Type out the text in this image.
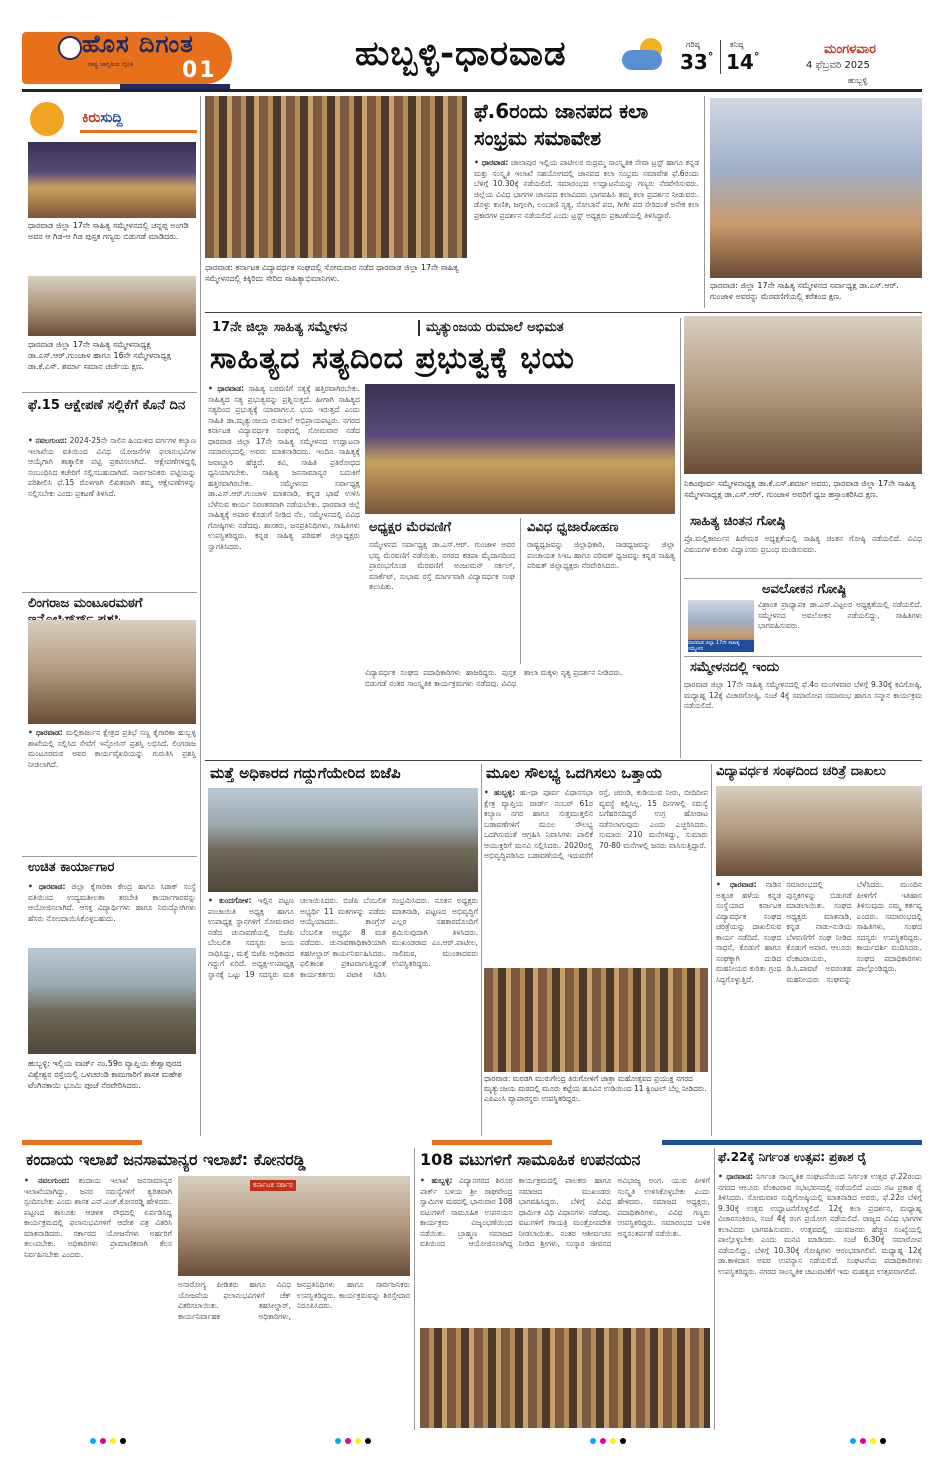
ಹೊಸ ದಿಗಂತ
ರಾಷ್ಟ್ರ ಜಾಗೃತಿಯ ದೈನಿಕ 01	ಹುಬ್ಬಳ್ಳಿ-ಧಾರವಾಡ	ಗರಿಷ್ಠ
33°
ಕನಿಷ್ಠ
14°	ಮಂಗಳವಾರ
4 ಫೆಬ್ರವರಿ 2025
ಹುಬ್ಬಳ್ಳಿ
ಕಿರುಸುದ್ದಿ
ಧಾರವಾಡ ಜಿಲ್ಲಾ 17ನೇ ಸಾಹಿತ್ಯ ಸಮ್ಮೇಳನದಲ್ಲಿ ಚನ್ನಪ್ಪ ಅಂಗಡಿ ಅವರ ಆ ಗಿಡ-ಆ ಗಿಡ ಪುಸ್ತಕ ಗಣ್ಯರು ಬಿಡುಗಡೆ ಮಾಡಿದರು.
ಧಾರವಾಡ ಜಿಲ್ಲಾ 17ನೇ ಸಾಹಿತ್ಯ ಸಮ್ಮೇಳನಾಧ್ಯಕ್ಷ ಡಾ.ಎಸ್.ಆರ್.ಗುಂಜಾಳ ಹಾಗೂ 16ನೇ ಸಮ್ಮೇಳನಾಧ್ಯಕ್ಷ ಡಾ.ಕೆ.ಎಸ್. ಶರ್ಮಾ ಸಮಾನ ಚರ್ಚೆಯ ಕ್ಷಣ.
ಫೆ.15 ಆಕ್ಷೇಪಣೆ ಸಲ್ಲಿಕೆಗೆ ಕೊನೆ ದಿನ
• ನವಲಗುಂದ: 2024-25ನೇ ಸಾಲಿನ ಹಿಂದುಳಿದ ವರ್ಗಗಳ ಕಲ್ಯಾಣ ಇಲಾಖೆಯ ವತಿಯಿಂದ ವಿವಿಧ ಯೋಜನೆಗಳ ಫಲಾನುಭವಿಗಳ ಆಯ್ಕೆಗಾಗಿ ತಾತ್ಕಾಲಿಕ ಪಟ್ಟಿ ಪ್ರಕಟಿಸಲಾಗಿದೆ. ಆಕ್ಷೇಪಣೆಗಳಿದ್ದಲ್ಲಿ ಸಂಬಂಧಿಸಿದ ಕಚೇರಿಗೆ ಸಲ್ಲಿಸಬಹುದಾಗಿದೆ. ಸಾರ್ವಜನಿಕರು ಪಟ್ಟಿಯನ್ನು ಪರಿಶೀಲಿಸಿ ಫೆ.15 ರೊಳಗಾಗಿ ಲಿಖಿತವಾಗಿ ತಮ್ಮ ಆಕ್ಷೇಪಣೆಗಳನ್ನು ಸಲ್ಲಿಸಬೇಕು ಎಂದು ಪ್ರಕಟಣೆ ತಿಳಿಸಿದೆ.
ಲಿಂಗರಾಜ ಮಂಟೂರಮಠಗೆ
• ಧಾರವಾಡ: ಮಲ್ಲಿಕಾರ್ಜುನ ಕ್ಷೇತ್ರದ ಪ್ರತಿಭೆ ಸಣ್ಣ ಕೈಗಾರಿಕಾ ಹುಬ್ಬಳ್ಳಿ ಶಾಖೆಯಲ್ಲಿ ಸಲ್ಲಿಸಿದ ಸೇವೆಗೆ ಇನ್ಫೋಸಿಸ್ ಪ್ರಶಸ್ತಿ ಲಭಿಸಿದೆ. ಲಿಂಗರಾಜ ಮಂಟೂರಮಠ ಅವರ ಕಾರ್ಯವೈಖರಿಯನ್ನು ಗುರುತಿಸಿ ಪ್ರಶಸ್ತಿ ನೀಡಲಾಗಿದೆ.
ಉಚಿತ ಕಾರ್ಯಾಗಾರ
• ಧಾರವಾಡ: ಜಿಲ್ಲಾ ಕೈಗಾರಿಕಾ ಕೇಂದ್ರ ಹಾಗೂ ಸಿಡಾಕ್ ಸಂಸ್ಥೆ ವತಿಯಿಂದ ಉದ್ಯಮಶೀಲತಾ ತರಬೇತಿ ಕಾರ್ಯಾಗಾರವನ್ನು ಆಯೋಜಿಸಲಾಗಿದೆ. ಆಸಕ್ತ ವಿದ್ಯಾರ್ಥಿಗಳು ಹಾಗೂ ನಿರುದ್ಯೋಗಿಗಳು ಹೆಸರು ನೋಂದಾಯಿಸಿಕೊಳ್ಳಬಹುದು.
ಹುಬ್ಬಳ್ಳಿ: ಇಲ್ಲಿಯ ವಾರ್ಡ್ ನಂ.59ರ ವ್ಯಾಪ್ತಿಯ ಕೇಶ್ವಾಪುರದ ವಿಶ್ವೇಶ್ವರ ರಸ್ತೆಯಲ್ಲಿ ಒಳಚರಂಡಿ ಕಾಮಗಾರಿಗೆ ಶಾಸಕ ಮಹೇಶ ಟೆಂಗಿನಕಾಯಿ ಭೂಮಿ ಪೂಜೆ ನೆರವೇರಿಸಿದರು.
ಧಾರವಾಡ: ಕರ್ನಾಟಕ ವಿದ್ಯಾವರ್ಧಕ ಸಂಘದಲ್ಲಿ ಸೋಮವಾರ ನಡೆದ ಧಾರವಾಡ ಜಿಲ್ಲಾ 17ನೇ ಸಾಹಿತ್ಯ ಸಮ್ಮೇಳನದಲ್ಲಿ ಕಿಕ್ಕಿರಿದು ಸೇರಿದ ಸಾಹಿತ್ಯಾಭಿಮಾನಿಗಳು.
ಫೆ.6ರಂದು ಜಾನಪದ ಕಲಾ ಸಂಭ್ರಮ ಸಮಾವೇಶ
• ಧಾರವಾಡ: ಜಾಲಾಪುರ ಇಲ್ಲಿಯ ಪಾಟೀಲರ ರುದ್ರಮ್ಮ ಸಾಂಸ್ಕೃತಿಕ ಸೇವಾ ಟ್ರಸ್ಟ್ ಹಾಗೂ ಕನ್ನಡ ಮತ್ತು ಸಂಸ್ಕೃತಿ ಇಲಾಖೆ ಸಹಯೋಗದಲ್ಲಿ ಜಾನಪದ ಕಲಾ ಸಂಭ್ರಮ ಸಮಾವೇಶ ಫೆ.6ರಂದು ಬೆಳಿಗ್ಗೆ 10.30ಕ್ಕೆ ನಡೆಯಲಿದೆ. ಸಮಾರಂಭದ ಉದ್ಘಾಟನೆಯನ್ನು ಗಣ್ಯರು ನೆರವೇರಿಸುವರು. ಜಿಲ್ಲೆಯ ವಿವಿಧ ಭಾಗಗಳ ಜಾನಪದ ಕಲಾವಿದರು ಭಾಗವಹಿಸಿ ತಮ್ಮ ಕಲಾ ಪ್ರದರ್ಶನ ನೀಡುವರು. ಡೊಳ್ಳು ಕುಣಿತ, ಜಗ್ಗಲಗಿ, ಲಂಬಾಣಿ ನೃತ್ಯ, ಸೋಬಾನೆ ಪದ, ಗೀಗೀ ಪದ ಸೇರಿದಂತೆ ಅನೇಕ ಕಲಾ ಪ್ರಕಾರಗಳ ಪ್ರದರ್ಶನ ನಡೆಯಲಿದೆ ಎಂದು ಟ್ರಸ್ಟ್ ಅಧ್ಯಕ್ಷರು ಪ್ರಕಟಣೆಯಲ್ಲಿ ತಿಳಿಸಿದ್ದಾರೆ.
ಧಾರವಾಡ: ಜಿಲ್ಲಾ 17ನೇ ಸಾಹಿತ್ಯ ಸಮ್ಮೇಳನದ ಸರ್ವಾಧ್ಯಕ್ಷ ಡಾ.ಎಸ್.ಆರ್. ಗುಂಜಾಳ ಅವರನ್ನು ಮೆರವಣಿಗೆಯಲ್ಲಿ ಕರೆತಂದ ಕ್ಷಣ.
17ನೇ ಜಿಲ್ಲಾ ಸಾಹಿತ್ಯ ಸಮ್ಮೇಳನ	ಮೃತ್ಯುಂಜಯ ರುಮಾಲೆ ಅಭಿಮತ
ಸಾಹಿತ್ಯದ ಸತ್ಯದಿಂದ ಪ್ರಭುತ್ವಕ್ಕೆ ಭಯ
• ಧಾರವಾಡ: ಸಾಹಿತ್ಯ ಬರವಣಿಗೆ ಸತ್ಯಕ್ಕೆ ಹತ್ತಿರವಾಗಿರಬೇಕು. ಸಾಹಿತ್ಯದ ಸತ್ಯ ಪ್ರಭುತ್ವವನ್ನು ಪ್ರಶ್ನಿಸುತ್ತದೆ. ಹೀಗಾಗಿ ಸಾಹಿತ್ಯದ ಸತ್ಯದಿಂದ ಪ್ರಭುತ್ವಕ್ಕೆ ಯಾವಾಗಲೂ ಭಯ ಇರುತ್ತದೆ ಎಂದು ಸಾಹಿತಿ ಡಾ.ಮೃತ್ಯುಂಜಯ ರುಮಾಲೆ ಅಭಿಪ್ರಾಯಪಟ್ಟರು. ನಗರದ ಕರ್ನಾಟಕ ವಿದ್ಯಾವರ್ಧಕ ಸಂಘದಲ್ಲಿ ಸೋಮವಾರ ನಡೆದ ಧಾರವಾಡ ಜಿಲ್ಲಾ 17ನೇ ಸಾಹಿತ್ಯ ಸಮ್ಮೇಳನದ ಉದ್ಘಾಟನಾ ಸಮಾರಂಭದಲ್ಲಿ ಅವರು ಮಾತನಾಡಿದರು. ಇಂದಿನ ಸಾಹಿತ್ಯಕ್ಕೆ ಜವಾಬ್ದಾರಿ ಹೆಚ್ಚಿದೆ. ಕವಿ, ಸಾಹಿತಿ ಪ್ರತಿರೋಧದ ಧ್ವನಿಯಾಗಬೇಕು. ಸಾಹಿತ್ಯ ಜನಸಾಮಾನ್ಯರ ಬದುಕಿಗೆ ಹತ್ತಿರವಾಗಿರಬೇಕು. ಸಮ್ಮೇಳನದ ಸರ್ವಾಧ್ಯಕ್ಷ ಡಾ.ಎಸ್.ಆರ್.ಗುಂಜಾಳ ಮಾತನಾಡಿ, ಕನ್ನಡ ಭಾಷೆ ಉಳಿಸಿ ಬೆಳೆಸುವ ಕಾರ್ಯ ನಿರಂತರವಾಗಿ ನಡೆಯಬೇಕು. ಧಾರವಾಡ ಜಿಲ್ಲೆ ಸಾಹಿತ್ಯಕ್ಕೆ ಅಪಾರ ಕೊಡುಗೆ ನೀಡಿದ ನೆಲ. ಸಮ್ಮೇಳನದಲ್ಲಿ ವಿವಿಧ ಗೋಷ್ಠಿಗಳು ನಡೆದವು. ಶಾಸಕರು, ಜನಪ್ರತಿನಿಧಿಗಳು, ಸಾಹಿತಿಗಳು ಉಪಸ್ಥಿತರಿದ್ದರು. ಕನ್ನಡ ಸಾಹಿತ್ಯ ಪರಿಷತ್ ಜಿಲ್ಲಾಧ್ಯಕ್ಷರು ಸ್ವಾಗತಿಸಿದರು.
ಅಧ್ಯಕ್ಷರ ಮೆರವಣಿಗೆ
ಸಮ್ಮೇಳನದ ಸರ್ವಾಧ್ಯಕ್ಷ ಡಾ.ಎಸ್.ಆರ್. ಗುಂಜಾಳ ಅವರ ಭವ್ಯ ಮೆರವಣಿಗೆ ನಡೆಯಿತು. ನಗರದ ಕಡಪಾ ಮೈದಾನದಿಂದ ಪ್ರಾರಂಭಗೊಂಡ ಮೆರವಣಿಗೆ ಅಂಜುಮನ್ ಸರ್ಕಲ್, ಮಾರ್ಕೆಟ್, ಸುಭಾಷ ರಸ್ತೆ ಮಾರ್ಗವಾಗಿ ವಿದ್ಯಾವರ್ಧಕ ಸಂಘ ತಲುಪಿತು.
ವಿವಿಧ ಧ್ವಜಾರೋಹಣ
ರಾಷ್ಟ್ರಧ್ವಜವನ್ನು ಜಿಲ್ಲಾಧಿಕಾರಿ, ನಾಡಧ್ವಜವನ್ನು ಜಿಲ್ಲಾ ಪಂಚಾಯತ ಸಿಇಒ ಹಾಗೂ ಪರಿಷತ್ ಧ್ವಜವನ್ನು ಕನ್ನಡ ಸಾಹಿತ್ಯ ಪರಿಷತ್ ಜಿಲ್ಲಾಧ್ಯಕ್ಷರು ನೆರವೇರಿಸಿದರು.
ವಿದ್ಯಾವರ್ಧಕ ಸಂಘದ ಪದಾಧಿಕಾರಿಗಳು ಹಾಜರಿದ್ದರು. ಪುಸ್ತಕ ಬಿಡುಗಡೆ ನಂತರ ಸಾಂಸ್ಕೃತಿಕ ಕಾರ್ಯಕ್ರಮಗಳು ನಡೆದವು. ವಿವಿಧ ಶಾಲಾ ಮಕ್ಕಳು ನೃತ್ಯ ಪ್ರದರ್ಶನ ನೀಡಿದರು.
ನಿಕಟಪೂರ್ವ ಸಮ್ಮೇಳನಾಧ್ಯಕ್ಷ ಡಾ.ಕೆ.ಎಸ್.ಶರ್ಮಾ ಅವರು, ಧಾರವಾಡ ಜಿಲ್ಲಾ 17ನೇ ಸಾಹಿತ್ಯ ಸಮ್ಮೇಳನಾಧ್ಯಕ್ಷ ಡಾ.ಎಸ್.ಆರ್. ಗುಂಜಾಳ ಅವರಿಗೆ ಧ್ವಜ ಹಸ್ತಾಂತರಿಸಿದ ಕ್ಷಣ.
ಸಾಹಿತ್ಯ ಚಿಂತನ ಗೋಷ್ಠಿ
ಪ್ರೊ.ಮಲ್ಲಿಕಾರ್ಜುನ ಹಿರೇಮಠ ಅಧ್ಯಕ್ಷತೆಯಲ್ಲಿ ಸಾಹಿತ್ಯ ಚಿಂತನ ಗೋಷ್ಠಿ ನಡೆಯಲಿದೆ. ವಿವಿಧ ವಿಷಯಗಳ ಕುರಿತು ವಿದ್ವಾಂಸರು ಪ್ರಬಂಧ ಮಂಡಿಸುವರು.
ಅವಲೋಕನ ಗೋಷ್ಠಿ
ಧಾರವಾಡ ಜಿಲ್ಲಾ 17ನೇ ಸಾಹಿತ್ಯ ಸಮ್ಮೇಳನ
ವಿಶ್ರಾಂತ ಪ್ರಾಧ್ಯಾಪಕ ಡಾ.ಎಸ್.ವಿಟ್ಟಲರ ಅಧ್ಯಕ್ಷತೆಯಲ್ಲಿ ನಡೆಯಲಿದೆ. ಸಮ್ಮೇಳನದ ಅವಲೋಕನ ನಡೆಯಲಿದ್ದು, ಸಾಹಿತಿಗಳು ಭಾಗವಹಿಸುವರು.
ಸಮ್ಮೇಳನದಲ್ಲಿ ಇಂದು
ಧಾರವಾಡ ಜಿಲ್ಲಾ 17ನೇ ಸಾಹಿತ್ಯ ಸಮ್ಮೇಳನದಲ್ಲಿ ಫೆ.4ರ ಮಂಗಳವಾರ ಬೆಳಿಗ್ಗೆ 9.30ಕ್ಕೆ ಕವಿಗೋಷ್ಠಿ, ಮಧ್ಯಾಹ್ನ 12ಕ್ಕೆ ವಿಚಾರಗೋಷ್ಠಿ, ಸಂಜೆ 4ಕ್ಕೆ ಸಮಾರೋಪ ಸಮಾರಂಭ ಹಾಗೂ ಸನ್ಮಾನ ಕಾರ್ಯಕ್ರಮ ನಡೆಯಲಿದೆ.
ಮತ್ತೆ ಅಧಿಕಾರದ ಗದ್ದುಗೆಯೇರಿದ ಬಿಜೆಪಿ
• ಕುಂದಗೋಳ: ಇಲ್ಲಿನ ಪಟ್ಟಣ ಪಂಚಾಯಿತಿ ಅಧ್ಯಕ್ಷ ಹಾಗೂ ಉಪಾಧ್ಯಕ್ಷ ಸ್ಥಾನಗಳಿಗೆ ಸೋಮವಾರ ನಡೆದ ಚುನಾವಣೆಯಲ್ಲಿ ಬಿಜೆಪಿ ಬೆಂಬಲಿತ ಸದಸ್ಯರು ಜಯ ಸಾಧಿಸಿದ್ದು, ಮತ್ತೆ ಬಿಜೆಪಿ ಅಧಿಕಾರದ ಗದ್ದುಗೆ ಏರಿದೆ. ಅಧ್ಯಕ್ಷ-ಉಪಾಧ್ಯಕ್ಷ ಸ್ಥಾನಕ್ಕೆ ಒಟ್ಟು 19 ಸದಸ್ಯರು ಮತ ಚಲಾಯಿಸಿದರು. ಬಿಜೆಪಿ ಬೆಂಬಲಿತ ಅಭ್ಯರ್ಥಿ 11 ಮತಗಳನ್ನು ಪಡೆದು ಆಯ್ಕೆಯಾದರು. ಕಾಂಗ್ರೆಸ್ ಬೆಂಬಲಿತ ಅಭ್ಯರ್ಥಿ 8 ಮತ ಪಡೆದರು. ಚುನಾವಣಾಧಿಕಾರಿಯಾಗಿ ತಹಸೀಲ್ದಾರ್ ಕಾರ್ಯನಿರ್ವಹಿಸಿದರು. ಫಲಿತಾಂಶ ಪ್ರಕಟವಾಗುತ್ತಿದ್ದಂತೆ ಕಾರ್ಯಕರ್ತರು ಪಟಾಕಿ ಸಿಡಿಸಿ ಸಂಭ್ರಮಿಸಿದರು. ನೂತನ ಅಧ್ಯಕ್ಷರು ಮಾತನಾಡಿ, ಪಟ್ಟಣದ ಅಭಿವೃದ್ಧಿಗೆ ಎಲ್ಲರ ಸಹಕಾರದೊಂದಿಗೆ ಶ್ರಮಿಸುವುದಾಗಿ ತಿಳಿಸಿದರು. ಮುಖಂಡರಾದ ಎಂ.ಆರ್.ಪಾಟೀಲ, ಸಾಲಿಮಠ, ಮುಂತಾದವರು ಉಪಸ್ಥಿತರಿದ್ದರು.
ಮೂಲ ಸೌಲಭ್ಯ ಒದಗಿಸಲು ಒತ್ತಾಯ
• ಹುಬ್ಬಳ್ಳಿ: ಹು-ಧಾ ಪೂರ್ವ ವಿಧಾನಸಭಾ ಕ್ಷೇತ್ರ ವ್ಯಾಪ್ತಿಯ ವಾರ್ಡ್ ನಂಬರ್ 61ರ ಕಲ್ಯಾಣ ನಗರ ಹಾಗೂ ಸುತ್ತಮುತ್ತಲಿನ ಬಡಾವಣೆಗಳಿಗೆ ಮೂಲ ಸೌಲಭ್ಯ ಒದಗಿಸುವಂತೆ ಆಗ್ರಹಿಸಿ ನಿವಾಸಿಗಳು ಪಾಲಿಕೆ ಆಯುಕ್ತರಿಗೆ ಮನವಿ ಸಲ್ಲಿಸಿದರು. 2020ರಲ್ಲಿ ಅಭಿವೃದ್ಧಿಪಡಿಸಿದ ಬಡಾವಣೆಯಲ್ಲಿ ಇದುವರೆಗೆ ರಸ್ತೆ, ಚರಂಡಿ, ಕುಡಿಯುವ ನೀರು, ಬೀದಿದೀಪ ವ್ಯವಸ್ಥೆ ಕಲ್ಪಿಸಿಲ್ಲ. 15 ದಿನಗಳಲ್ಲಿ ಸಮಸ್ಯೆ ಬಗೆಹರಿಸದಿದ್ದರೆ ಉಗ್ರ ಹೋರಾಟ ನಡೆಸಲಾಗುವುದು ಎಂದು ಎಚ್ಚರಿಸಿದರು. ಸುಮಾರು 210 ಮನೆಗಳಿದ್ದು, ಸುಮಾರು 70-80 ಮನೆಗಳಲ್ಲಿ ಜನರು ವಾಸಿಸುತ್ತಿದ್ದಾರೆ.
ಧಾರವಾಡ: ಮರಡಗಿ ಮುರುಗೇಂದ್ರ ತಿರುಗೋಳಿಗೆ ಜಾತ್ರಾ ಮಹೋತ್ಸವದ ಪ್ರಯುಕ್ತ ನಗರದ ಮೃತ್ಯುಂಜಯ ಮಠದಲ್ಲಿ ಮೂರು ಕಟ್ಟೆಯ ಹೂವಿನ ಉಡಿಯಿಂದ 11 ಕ್ವಿಂಟಲ್ ಬೆಲ್ಲ ನೀಡಿದರು. ಎಪಿಎಂಸಿ ವ್ಯಾಪಾರಸ್ಥರು ಉಪಸ್ಥಿತರಿದ್ದರು.
ವಿದ್ಯಾವರ್ಧಕ ಸಂಘದಿಂದ ಚರಿತ್ರೆ ದಾಖಲು
• ಧಾರವಾಡ: ನಾಡಿನ ಅತ್ಯಂತ ಹಳೆಯ ಕನ್ನಡ ಸಂಸ್ಥೆಯಾದ ಕರ್ನಾಟಕ ವಿದ್ಯಾವರ್ಧಕ ಸಂಘದ ಚರಿತ್ರೆಯನ್ನು ದಾಖಲಿಸುವ ಕಾರ್ಯ ನಡೆದಿದೆ. ಸಂಘದ ಸಾಧನೆ, ಕೊಡುಗೆ ಹಾಗೂ ಸಂಘಕ್ಕಾಗಿ ದುಡಿದ ಮಹನೀಯರ ಕುರಿತು ಗ್ರಂಥ ಸಿದ್ಧಗೊಳ್ಳುತ್ತಿದೆ. ಸಮಾರಂಭದಲ್ಲಿ ಪುಸ್ತಕಗಳನ್ನು ಬಿಡುಗಡೆ ಮಾಡಲಾಯಿತು. ಸಂಘದ ಅಧ್ಯಕ್ಷರು ಮಾತನಾಡಿ, ಕನ್ನಡ ನಾಡು-ನುಡಿಯ ಬೆಳವಣಿಗೆಗೆ ಸಂಘ ನೀಡಿದ ಕೊಡುಗೆ ಅಪಾರ. ಆಲೂರು ವೆಂಕಟರಾಯರು, ಡಿ.ಸಿ.ಪಾವಟೆ ಅವರಂತಹ ಮಹನೀಯರು ಸಂಘವನ್ನು ಬೆಳೆಸಿದರು. ಮುಂದಿನ ಪೀಳಿಗೆಗೆ ಇತಿಹಾಸ ತಿಳಿಸುವುದು ನಮ್ಮ ಕರ್ತವ್ಯ ಎಂದರು. ಸಮಾರಂಭದಲ್ಲಿ ಸಾಹಿತಿಗಳು, ಸಂಘದ ಸದಸ್ಯರು ಉಪಸ್ಥಿತರಿದ್ದರು. ಕಾರ್ಯದರ್ಶಿ ವಂದಿಸಿದರು. ಸಂಘದ ಪದಾಧಿಕಾರಿಗಳು ಪಾಲ್ಗೊಂಡಿದ್ದರು.
ಕಂದಾಯ ಇಲಾಖೆ ಜನಸಾಮಾನ್ಯರ ಇಲಾಖೆ: ಕೋನರಡ್ಡಿ
• ನವಲಗುಂದ: ಕಂದಾಯ ಇಲಾಖೆ ಜನಸಾಮಾನ್ಯರ ಇಲಾಖೆಯಾಗಿದ್ದು, ಜನರ ಸಮಸ್ಯೆಗಳಿಗೆ ತ್ವರಿತವಾಗಿ ಸ್ಪಂದಿಸಬೇಕು ಎಂದು ಶಾಸಕ ಎನ್.ಎಚ್.ಕೋನರಡ್ಡಿ ಹೇಳಿದರು. ಪಟ್ಟಣದ ತಾಲೂಕು ಆಡಳಿತ ಸೌಧದಲ್ಲಿ ಏರ್ಪಡಿಸಿದ್ದ ಕಾರ್ಯಕ್ರಮದಲ್ಲಿ ಫಲಾನುಭವಿಗಳಿಗೆ ಆದೇಶ ಪತ್ರ ವಿತರಿಸಿ ಮಾತನಾಡಿದರು. ಸರ್ಕಾರದ ಯೋಜನೆಗಳು ಅರ್ಹರಿಗೆ ತಲುಪಬೇಕು. ಅಧಿಕಾರಿಗಳು ಪ್ರಾಮಾಣಿಕವಾಗಿ ಕೆಲಸ ನಿರ್ವಹಿಸಬೇಕು ಎಂದರು.
ಕರ್ನಾಟಕ ಸರ್ಕಾರ
ಅನಾರೋಗ್ಯ ಪೀಡಿತರು ಹಾಗೂ ವಿವಿಧ ಯೋಜನೆಯ ಫಲಾನುಭವಿಗಳಿಗೆ ಚೆಕ್ ವಿತರಿಸಲಾಯಿತು. ತಹಸೀಲ್ದಾರ್, ಕಾರ್ಯನಿರ್ವಾಹಕ ಅಧಿಕಾರಿಗಳು, ಜನಪ್ರತಿನಿಧಿಗಳು ಹಾಗೂ ಸಾರ್ವಜನಿಕರು ಉಪಸ್ಥಿತರಿದ್ದರು. ಕಾರ್ಯಕ್ರಮವನ್ನು ಶಿರಸ್ತೇದಾರ ನಿರೂಪಿಸಿದರು.
108 ವಟುಗಳಿಗೆ ಸಾಮೂಹಿಕ ಉಪನಯನ
• ಹುಬ್ಬಳ್ಳಿ: ವಿದ್ಯಾನಗರದ ಶಿರೂರ ಪಾರ್ಕ್ ಬಳಿಯ ಶ್ರೀ ರಾಘವೇಂದ್ರ ಸ್ವಾಮಿಗಳ ಮಠದಲ್ಲಿ ಭಾನುವಾರ 108 ವಟುಗಳಿಗೆ ಸಾಮೂಹಿಕ ಉಪನಯನ ಕಾರ್ಯಕ್ರಮ ವಿಜೃಂಭಣೆಯಿಂದ ನಡೆಯಿತು. ಬ್ರಾಹ್ಮಣ ಸಮಾಜದ ವತಿಯಿಂದ ಆಯೋಜಿಸಲಾಗಿದ್ದ ಕಾರ್ಯಕ್ರಮದಲ್ಲಿ ಪಾಲಕರು ಹಾಗೂ ಸಮಾಜದ ಮುಖಂಡರು ಭಾಗವಹಿಸಿದ್ದರು. ಬೆಳಿಗ್ಗೆ ವಿವಿಧ ಧಾರ್ಮಿಕ ವಿಧಿ ವಿಧಾನಗಳು ನಡೆದವು. ವಟುಗಳಿಗೆ ಗಾಯತ್ರಿ ಮಂತ್ರೋಪದೇಶ ನೀಡಲಾಯಿತು. ನಂತರ ಆಶೀರ್ವಚನ ನೀಡಿದ ಶ್ರೀಗಳು, ಸಂಸ್ಕಾರ ಜೀವನದ ಅವಿಭಾಜ್ಯ ಅಂಗ. ಯುವ ಪೀಳಿಗೆ ಸಂಸ್ಕೃತಿ ಉಳಿಸಿಕೊಳ್ಳಬೇಕು ಎಂದು ಹೇಳಿದರು. ಸಮಾಜದ ಅಧ್ಯಕ್ಷರು, ಪದಾಧಿಕಾರಿಗಳು, ವಿವಿಧ ಗಣ್ಯರು ಉಪಸ್ಥಿತರಿದ್ದರು. ಸಮಾರಂಭದ ಬಳಿಕ ಅನ್ನಸಂತರ್ಪಣೆ ನಡೆಯಿತು.
ಫೆ.22ಕ್ಕೆ ನಿರ್ಗಂತ ಉತ್ಸವ: ಪ್ರಕಾಶ ರೈ
• ಧಾರವಾಡ: ನಿರ್ಗಂತ ಸಾಂಸ್ಕೃತಿಕ ಸಂಘಟನೆಯಿಂದ ನಿರ್ಗಂತ ಉತ್ಸವ ಫೆ.22ರಂದು ನಗರದ ಆಲೂರು ವೆಂಕಟರಾವ ಸಭಾಭವನದಲ್ಲಿ ನಡೆಯಲಿದೆ ಎಂದು ನಟ ಪ್ರಕಾಶ ರೈ ತಿಳಿಸಿದರು. ಸೋಮವಾರ ಸುದ್ದಿಗೋಷ್ಠಿಯಲ್ಲಿ ಮಾತನಾಡಿದ ಅವರು, ಫೆ.22ರ ಬೆಳಿಗ್ಗೆ 9.30ಕ್ಕೆ ಉತ್ಸವ ಉದ್ಘಾಟನೆಗೊಳ್ಳಲಿದೆ. 12ಕ್ಕೆ ಕಲಾ ಪ್ರದರ್ಶನ, ಮಧ್ಯಾಹ್ನ ವಿಚಾರಸಂಕಿರಣ, ಸಂಜೆ 4ಕ್ಕೆ ರಂಗ ಪ್ರಯೋಗ ನಡೆಯಲಿದೆ. ರಾಜ್ಯದ ವಿವಿಧ ಭಾಗಗಳ ಕಲಾವಿದರು ಭಾಗವಹಿಸುವರು. ಉತ್ಸವದಲ್ಲಿ ಯುವಜನರು ಹೆಚ್ಚಿನ ಸಂಖ್ಯೆಯಲ್ಲಿ ಪಾಲ್ಗೊಳ್ಳಬೇಕು ಎಂದು ಮನವಿ ಮಾಡಿದರು. ಸಂಜೆ 6.30ಕ್ಕೆ ಸಮಾರೋಪ ನಡೆಯಲಿದ್ದು, ಬೆಳಿಗ್ಗೆ 10.30ಕ್ಕೆ ಗೋಷ್ಠಿಗಳು ಆರಂಭವಾಗಲಿವೆ. ಮಧ್ಯಾಹ್ನ 12ಕ್ಕೆ ಡಾ.ಕಾಳಿದಾಸ ಅವರ ಉಪನ್ಯಾಸ ನಡೆಯಲಿದೆ. ಸಂಘಟನೆಯ ಪದಾಧಿಕಾರಿಗಳು ಉಪಸ್ಥಿತರಿದ್ದರು. ನಗರದ ಸಾಂಸ್ಕೃತಿಕ ಚಟುವಟಿಕೆಗೆ ಇದು ಮಹತ್ವದ ಉತ್ಸವವಾಗಲಿದೆ.
